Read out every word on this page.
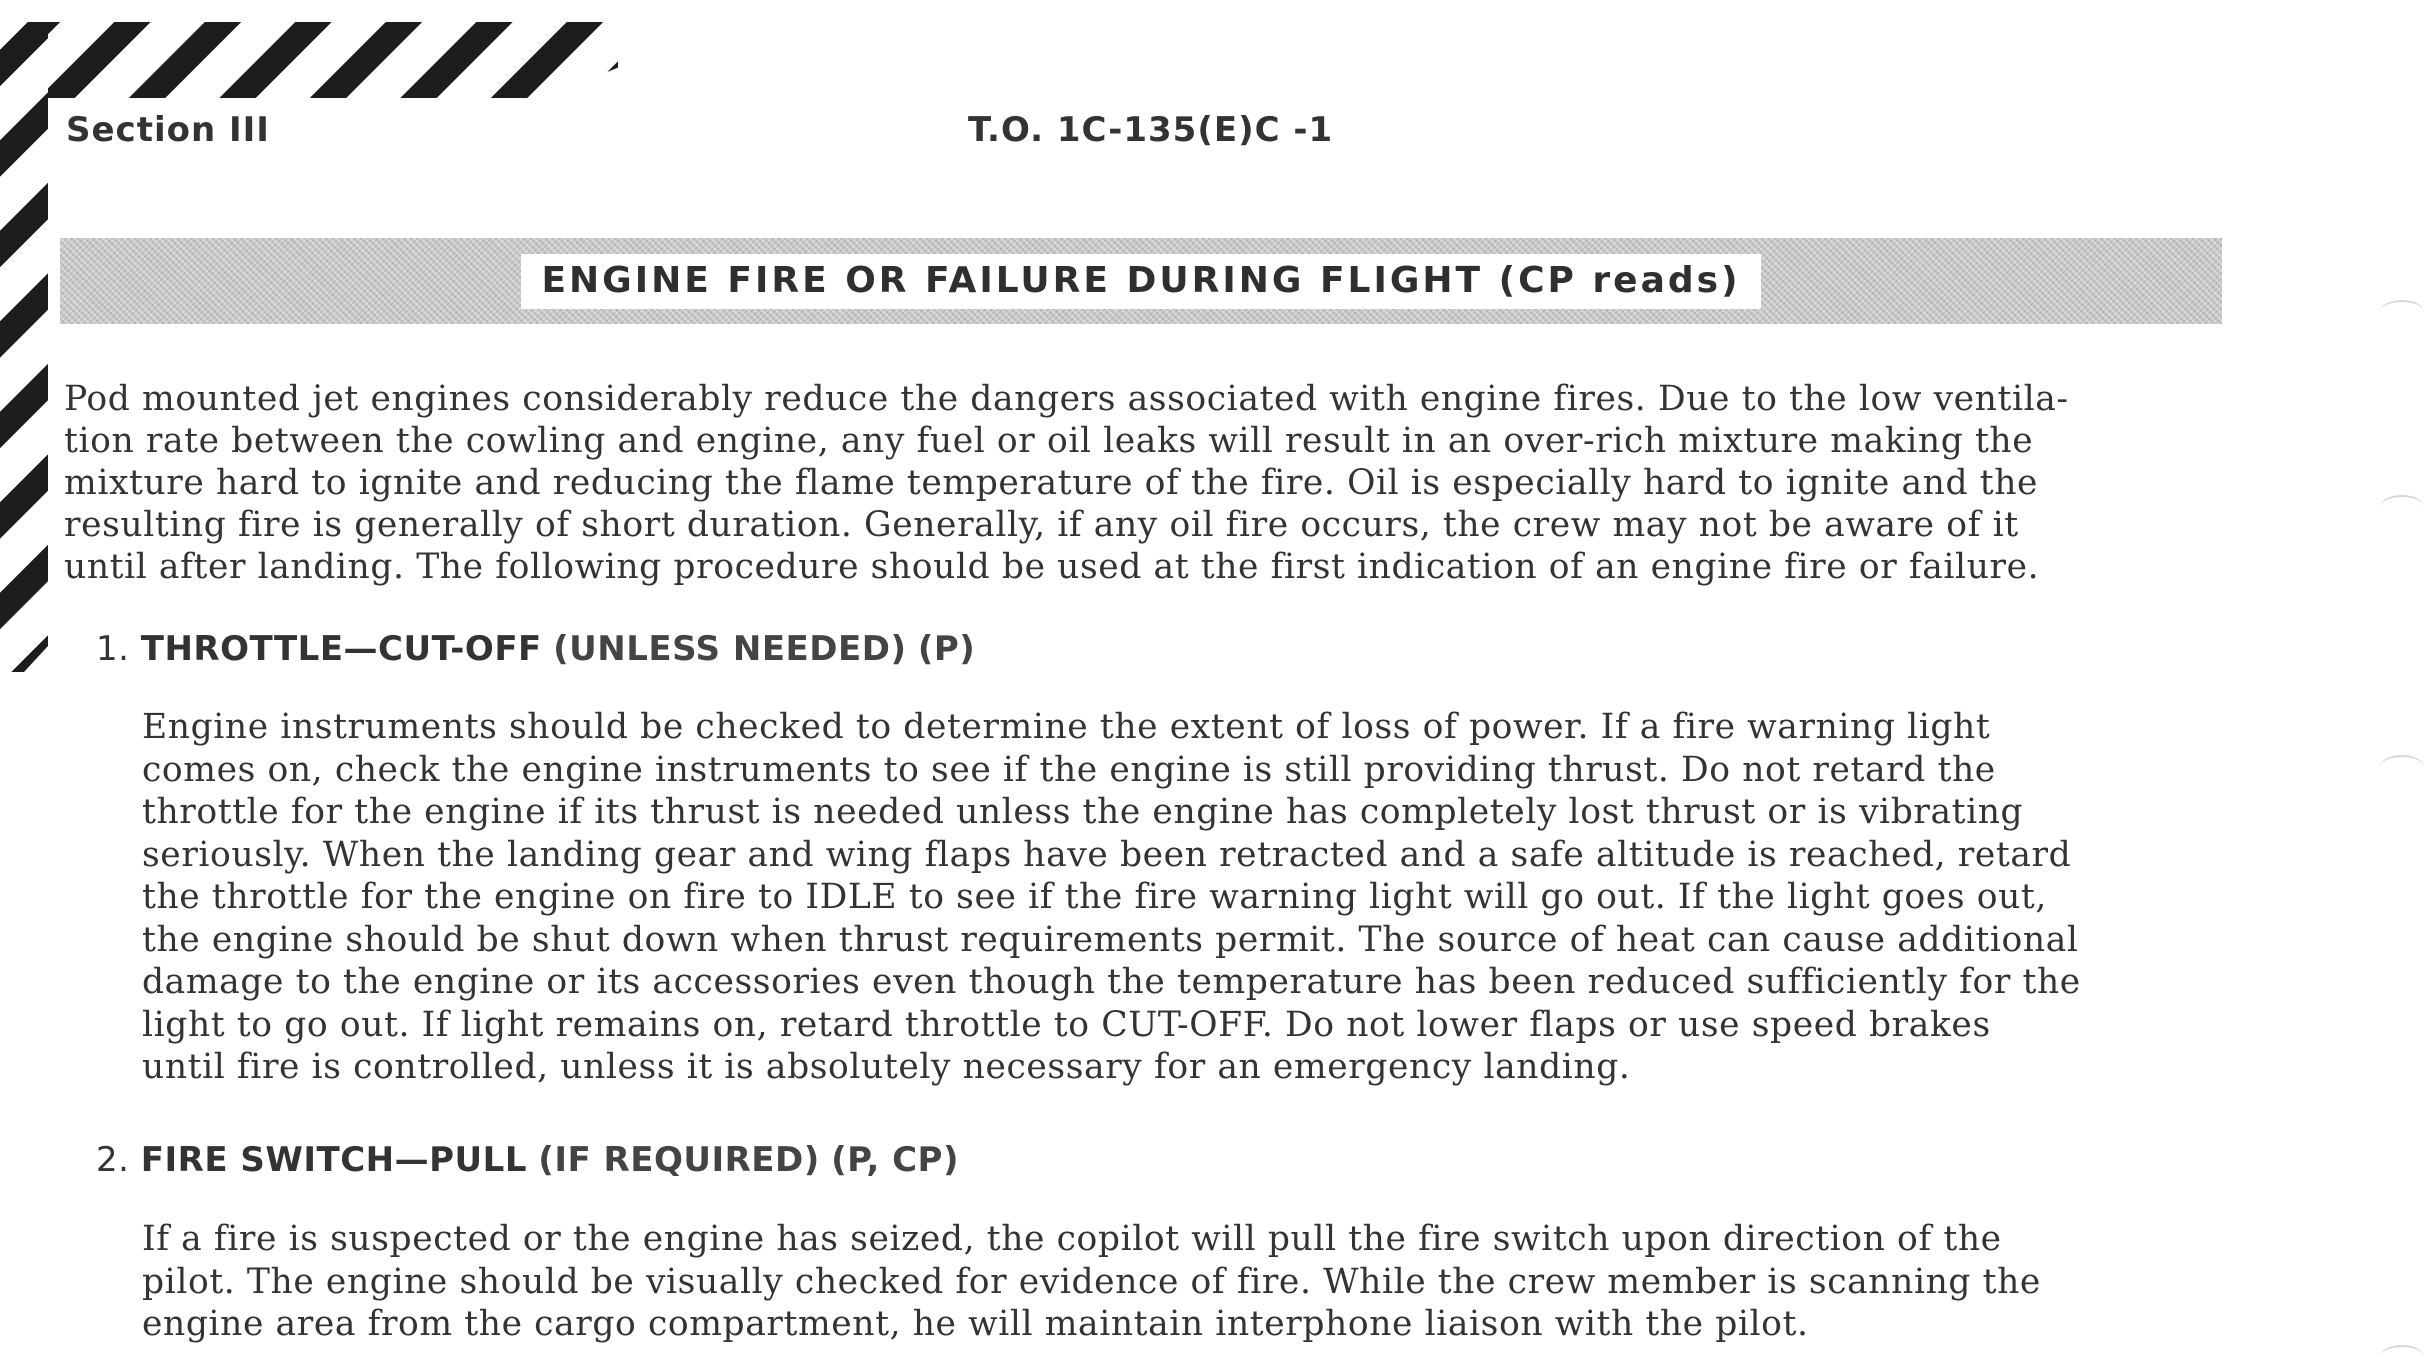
Section III	T.O. 1C-135(E)C -1
ENGINE FIRE OR FAILURE DURING FLIGHT (CP reads)
Pod mounted jet engines considerably reduce the dangers associated with engine fires. Due to the low ventila-
tion rate between the cowling and engine, any fuel or oil leaks will result in an over-rich mixture making the
mixture hard to ignite and reducing the flame temperature of the fire. Oil is especially hard to ignite and the
resulting fire is generally of short duration. Generally, if any oil fire occurs, the crew may not be aware of it
until after landing. The following procedure should be used at the first indication of an engine fire or failure.
1. THROTTLE—CUT-OFF (UNLESS NEEDED) (P)
Engine instruments should be checked to determine the extent of loss of power. If a fire warning light
comes on, check the engine instruments to see if the engine is still providing thrust. Do not retard the
throttle for the engine if its thrust is needed unless the engine has completely lost thrust or is vibrating
seriously. When the landing gear and wing flaps have been retracted and a safe altitude is reached, retard
the throttle for the engine on fire to IDLE to see if the fire warning light will go out. If the light goes out,
the engine should be shut down when thrust requirements permit. The source of heat can cause additional
damage to the engine or its accessories even though the temperature has been reduced sufficiently for the
light to go out. If light remains on, retard throttle to CUT-OFF. Do not lower flaps or use speed brakes
until fire is controlled, unless it is absolutely necessary for an emergency landing.
2. FIRE SWITCH—PULL (IF REQUIRED) (P, CP)
If a fire is suspected or the engine has seized, the copilot will pull the fire switch upon direction of the
pilot. The engine should be visually checked for evidence of fire. While the crew member is scanning the
engine area from the cargo compartment, he will maintain interphone liaison with the pilot.
